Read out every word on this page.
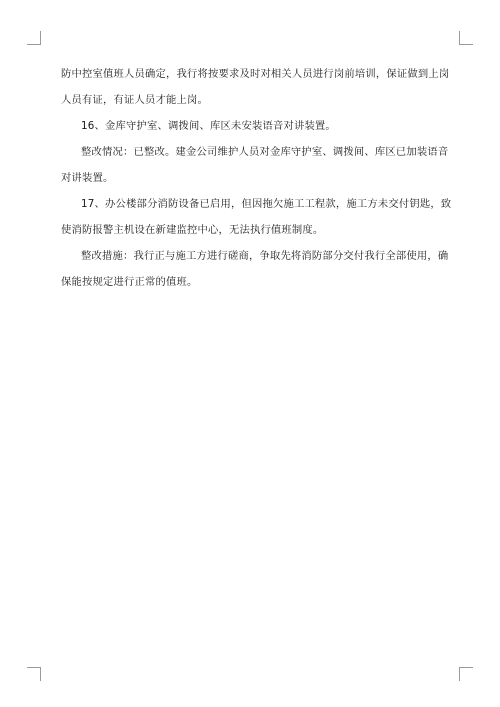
防中控室值班人员确定，我行将按要求及时对相关人员进行岗前培训，保证做到上岗
人员有证，有证人员才能上岗。
16、金库守护室、调拨间、库区未安装语音对讲装置。
整改情况：已整改。建金公司维护人员对金库守护室、调拨间、库区已加装语音
对讲装置。
17、办公楼部分消防设备已启用，但因拖欠施工工程款，施工方未交付钥匙，致
使消防报警主机设在新建监控中心，无法执行值班制度。
整改措施：我行正与施工方进行磋商，争取先将消防部分交付我行全部使用，确
保能按规定进行正常的值班。
